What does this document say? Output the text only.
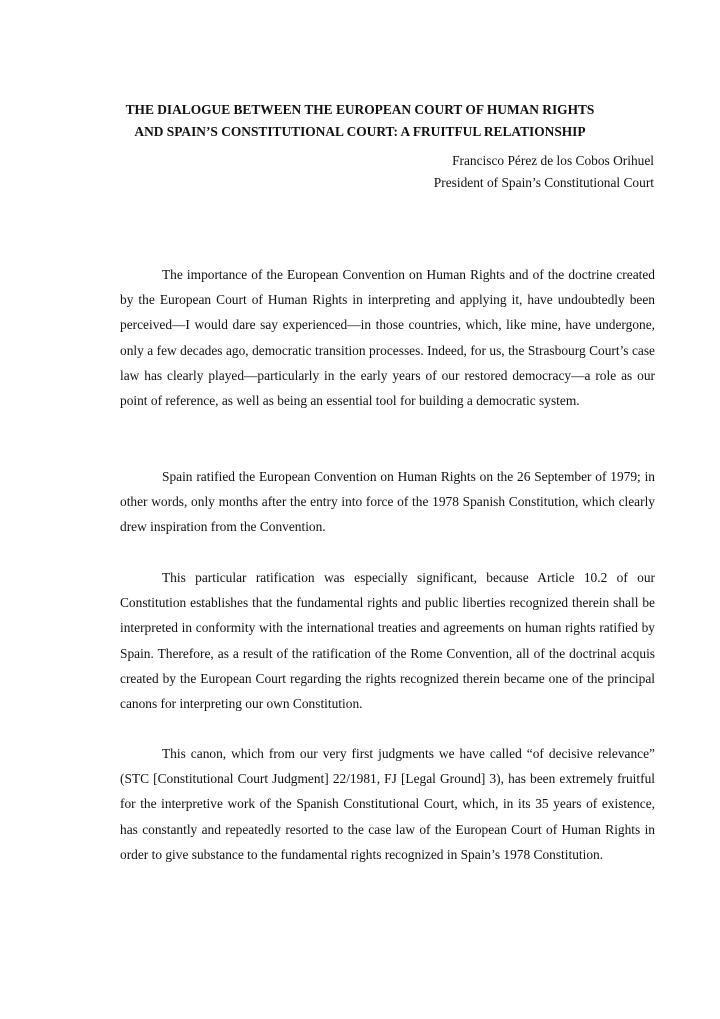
THE DIALOGUE BETWEEN THE EUROPEAN COURT OF HUMAN RIGHTS
AND SPAIN’S CONSTITUTIONAL COURT: A FRUITFUL RELATIONSHIP
Francisco Pérez de los Cobos Orihuel
President of Spain’s Constitutional Court

The importance of the European Convention on Human Rights and of the doctrine created by the European Court of Human Rights in interpreting and applying it, have undoubtedly been perceived—I would dare say experienced—in those countries, which, like mine, have undergone, only a few decades ago, democratic transition processes. Indeed, for us, the Strasbourg Court’s case law has clearly played—particularly in the early years of our restored democracy—a role as our point of reference, as well as being an essential tool for building a democratic system.

Spain ratified the European Convention on Human Rights on the 26 September of 1979; in other words, only months after the entry into force of the 1978 Spanish Constitution, which clearly drew inspiration from the Convention.

This particular ratification was especially significant, because Article 10.2 of our Constitution establishes that the fundamental rights and public liberties recognized therein shall be interpreted in conformity with the international treaties and agreements on human rights ratified by Spain. Therefore, as a result of the ratification of the Rome Convention, all of the doctrinal acquis created by the European Court regarding the rights recognized therein became one of the principal canons for interpreting our own Constitution.

This canon, which from our very first judgments we have called “of decisive relevance” (STC [Constitutional Court Judgment] 22/1981, FJ [Legal Ground] 3), has been extremely fruitful for the interpretive work of the Spanish Constitutional Court, which, in its 35 years of existence, has constantly and repeatedly resorted to the case law of the European Court of Human Rights in order to give substance to the fundamental rights recognized in Spain’s 1978 Constitution.
